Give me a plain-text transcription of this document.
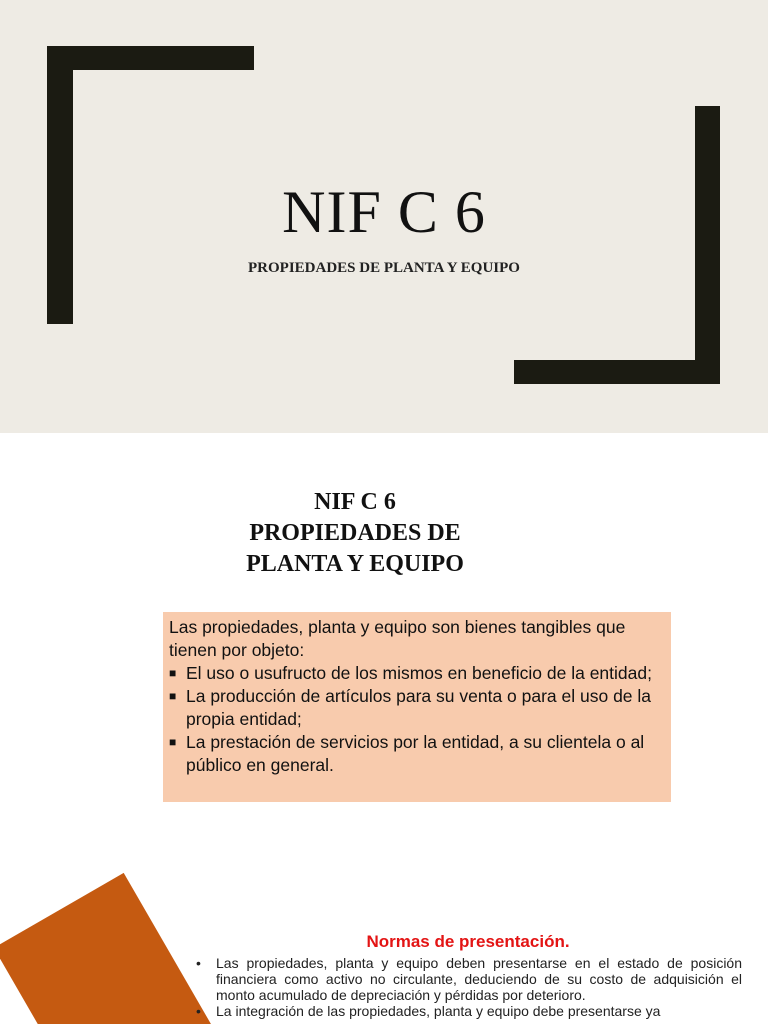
NIF C 6
PROPIEDADES DE PLANTA Y EQUIPO
NIF C 6
PROPIEDADES DE
PLANTA Y EQUIPO
Las propiedades, planta y equipo son bienes tangibles que tienen por objeto:
■ El uso o usufructo de los mismos en beneficio de la entidad;
■ La producción de artículos para su venta o para el uso de la propia entidad;
■ La prestación de servicios por la entidad, a su clientela o al público en general.
Normas de presentación.
• Las propiedades, planta y equipo deben presentarse en el estado de posición financiera como activo no circulante, deduciendo de su costo de adquisición el monto acumulado de depreciación y pérdidas por deterioro.
• La integración de las propiedades, planta y equipo debe presentarse ya
